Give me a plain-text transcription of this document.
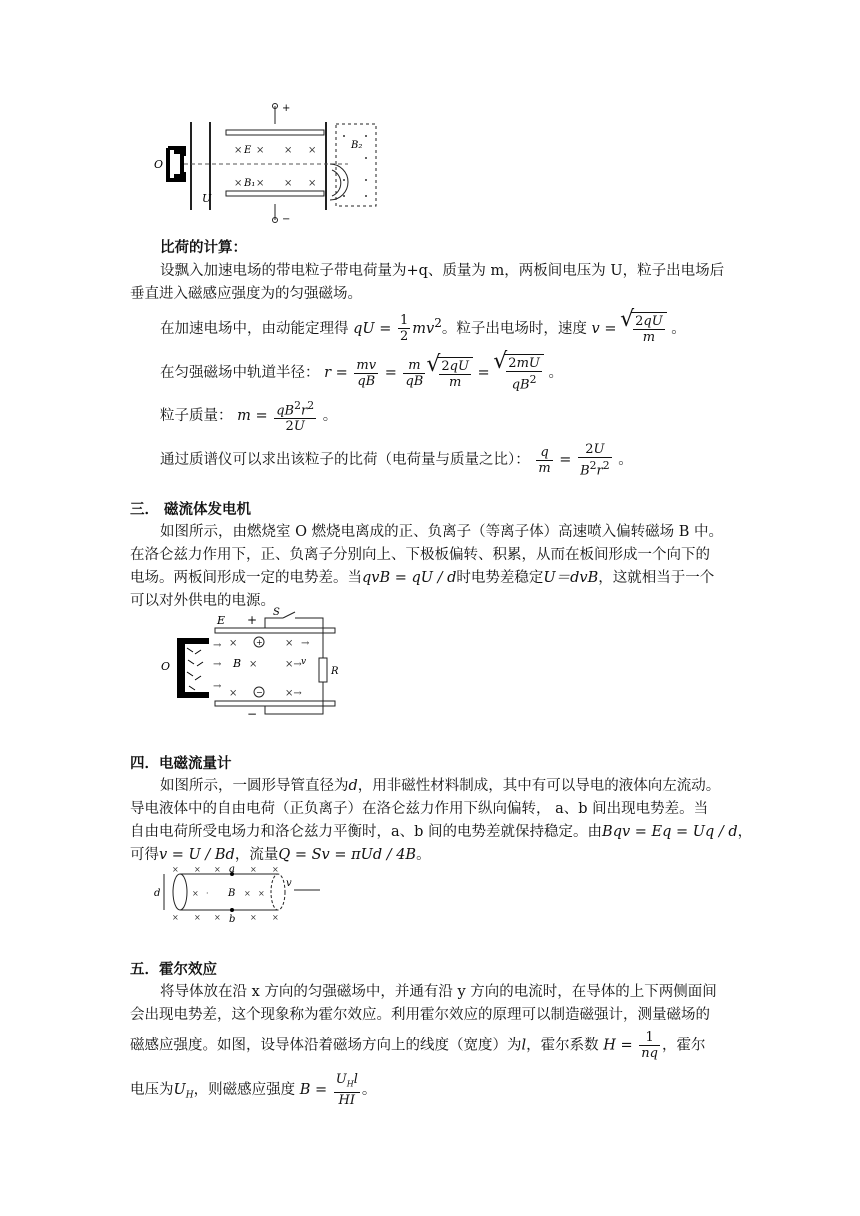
+
−
O
U
× × × ×
× × × ×
E
B₁
B₂
比荷的计算：
设飘入加速电场的带电粒子带电荷量为+q、质量为 m，两板间电压为 U，粒子出电场后
垂直进入磁感应强度为的匀强磁场。
在加速电场中，由动能定理得 qU = $\frac{1}{2} mv^2$。粒子出电场时，速度 v = √ $\frac{2qU}{m}$ 。
在匀强磁场中轨道半径： $r = \frac{mv}{qB} = \frac{m}{qB}$ √ $\frac{2qU}{m}$ = √ $\frac{2mU}{qB^2}$ 。
粒子质量： $m = \frac{qB^2r^2}{2U}$ 。
通过质谱仪可以求出该粒子的比荷（电荷量与质量之比）： $\frac{q}{m} = \frac{2U}{B^2r^2}$ 。
三． 磁流体发电机
如图所示，由燃烧室 O 燃烧电离成的正、负离子（等离子体）高速喷入偏转磁场 B 中。
在洛仑兹力作用下，正、负离子分别向上、下极板偏转、积累，从而在板间形成一个向下的
电场。两板间形成一定的电势差。当qvB = qU / d时电势差稳定U＝dvB，这就相当于一个
可以对外供电的电源。
S
E +
−
R
O
×	×
→	×	×→
×	×→
→
→
→
+
−
B	v
四．电磁流量计
如图所示，一圆形导管直径为d，用非磁性材料制成，其中有可以导电的液体向左流动。
导电液体中的自由电荷（正负离子）在洛仑兹力作用下纵向偏转， a、b 间出现电势差。当
自由电荷所受电场力和洛仑兹力平衡时，a、b 间的电势差就保持稳定。由Bqv = Eq = Uq / d，
可得v = U / Bd，流量Q = Sv = πUd / 4B。
× × ×	× ×
× × ×	× ×
× ·	× ×
d
a
b
B
v
五．霍尔效应
将导体放在沿 x 方向的匀强磁场中，并通有沿 y 方向的电流时，在导体的上下两侧面间
会出现电势差，这个现象称为霍尔效应。利用霍尔效应的原理可以制造磁强计，测量磁场的
磁感应强度。如图，设导体沿着磁场方向上的线度（宽度）为l，霍尔系数 $H = \frac{1}{nq}$ ，霍尔
电压为$U_H$，则磁感应强度 $B = \frac{U_Hl}{HI}$ 。
